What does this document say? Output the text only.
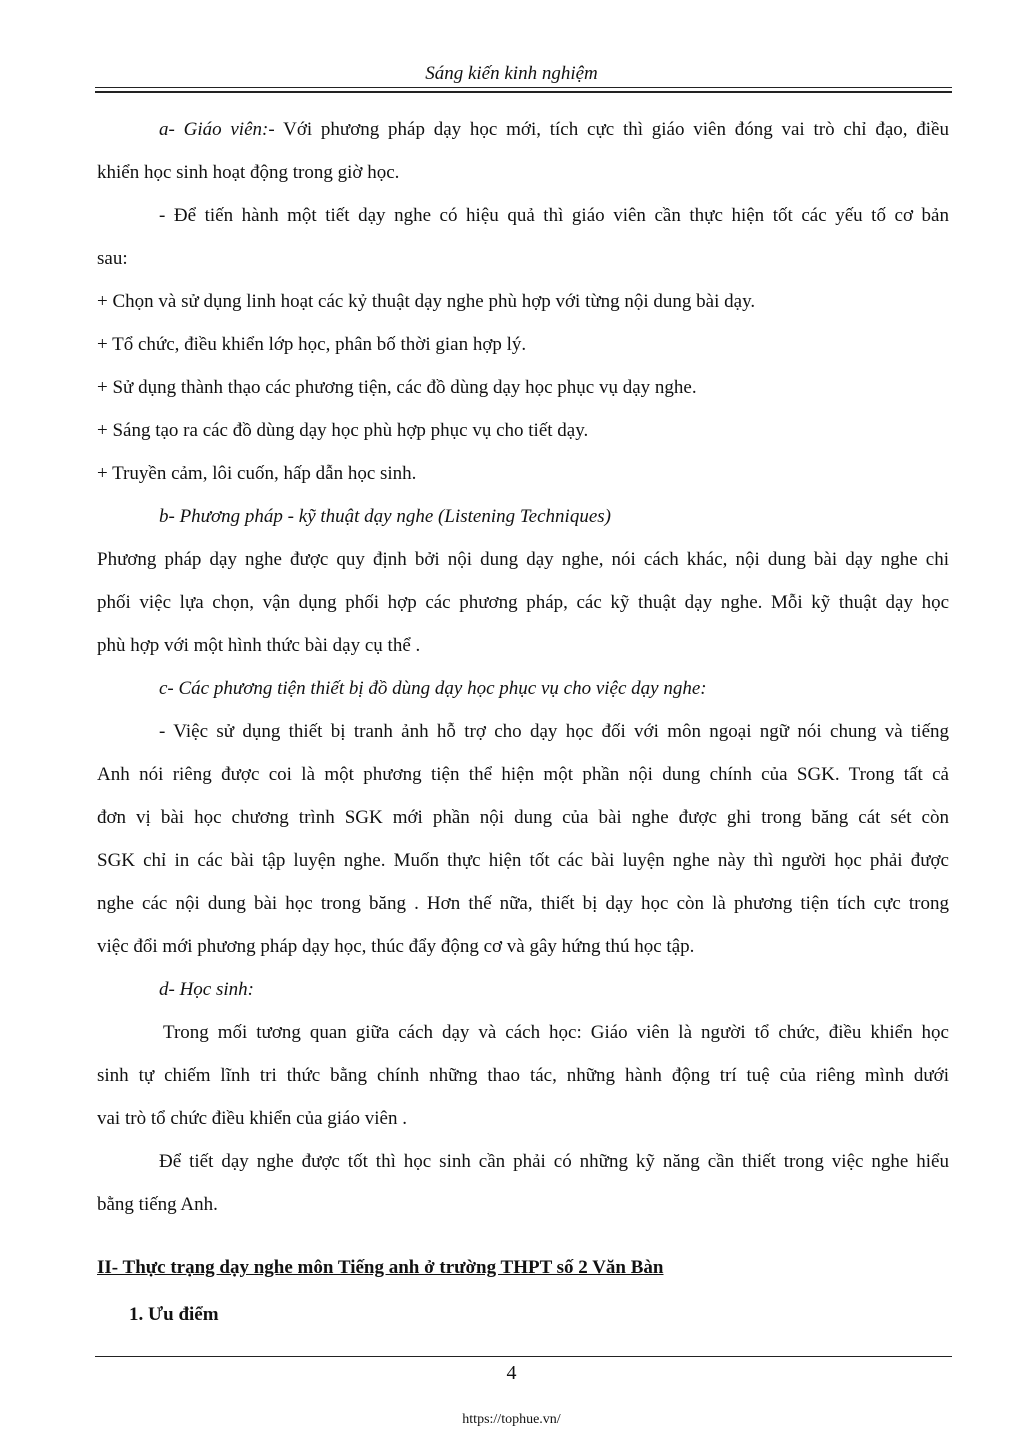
Sáng kiến kinh nghiệm
a- Giáo viên:- Với phương pháp dạy học mới, tích cực thì giáo viên đóng vai trò chỉ đạo, điều
khiển học sinh hoạt động trong giờ học.
- Để tiến hành một tiết dạy nghe có hiệu quả thì giáo viên cần thực hiện tốt các yếu tố cơ bản
sau:
+ Chọn và sử dụng linh hoạt các kỷ thuật dạy nghe phù hợp với từng nội dung bài dạy.
+ Tổ chức, điều khiển lớp học, phân bố thời gian hợp lý.
+ Sử dụng thành thạo các phương tiện, các đồ dùng dạy học phục vụ dạy nghe.
+ Sáng tạo ra các đồ dùng dạy học phù hợp phục vụ cho tiết dạy.
+ Truyền cảm, lôi cuốn, hấp dẫn học sinh.
b- Phương pháp - kỹ thuật dạy nghe (Listening Techniques)
Phương pháp dạy nghe được quy định bởi nội dung dạy nghe, nói cách khác, nội dung bài dạy nghe chi
phối việc lựa chọn, vận dụng phối hợp các phương pháp, các kỹ thuật dạy nghe. Mỗi kỹ thuật dạy học
phù hợp với một hình thức bài dạy cụ thể .
c- Các phương tiện thiết bị đồ dùng dạy học phục vụ cho việc dạy nghe:
- Việc sử dụng thiết bị tranh ảnh hỗ trợ cho dạy học đối với môn ngoại ngữ nói chung và tiếng
Anh nói riêng được coi là một phương tiện thể hiện một phần nội dung chính của SGK. Trong tất cả
đơn vị bài học chương trình SGK mới phần nội dung của bài nghe được ghi trong băng cát sét còn
SGK chỉ in các bài tập luyện nghe. Muốn thực hiện tốt các bài luyện nghe này thì người học phải được
nghe các nội dung bài học trong băng . Hơn thế nữa, thiết bị dạy học còn là phương tiện tích cực trong
việc đổi mới phương pháp dạy học, thúc đẩy động cơ và gây hứng thú học tập.
d- Học sinh:
Trong mối tương quan giữa cách dạy và cách học: Giáo viên là người tổ chức, điều khiển học
sinh tự chiếm lĩnh tri thức bằng chính những thao tác, những hành động trí tuệ của riêng mình dưới
vai trò tổ chức điều khiển của giáo viên .
Để tiết dạy nghe được tốt thì học sinh cần phải có những kỹ năng cần thiết trong việc nghe hiểu
bằng tiếng Anh.
II- Thực trạng dạy nghe môn Tiếng anh ở trường THPT số 2 Văn Bàn
1. Ưu điểm
4
https://tophue.vn/
